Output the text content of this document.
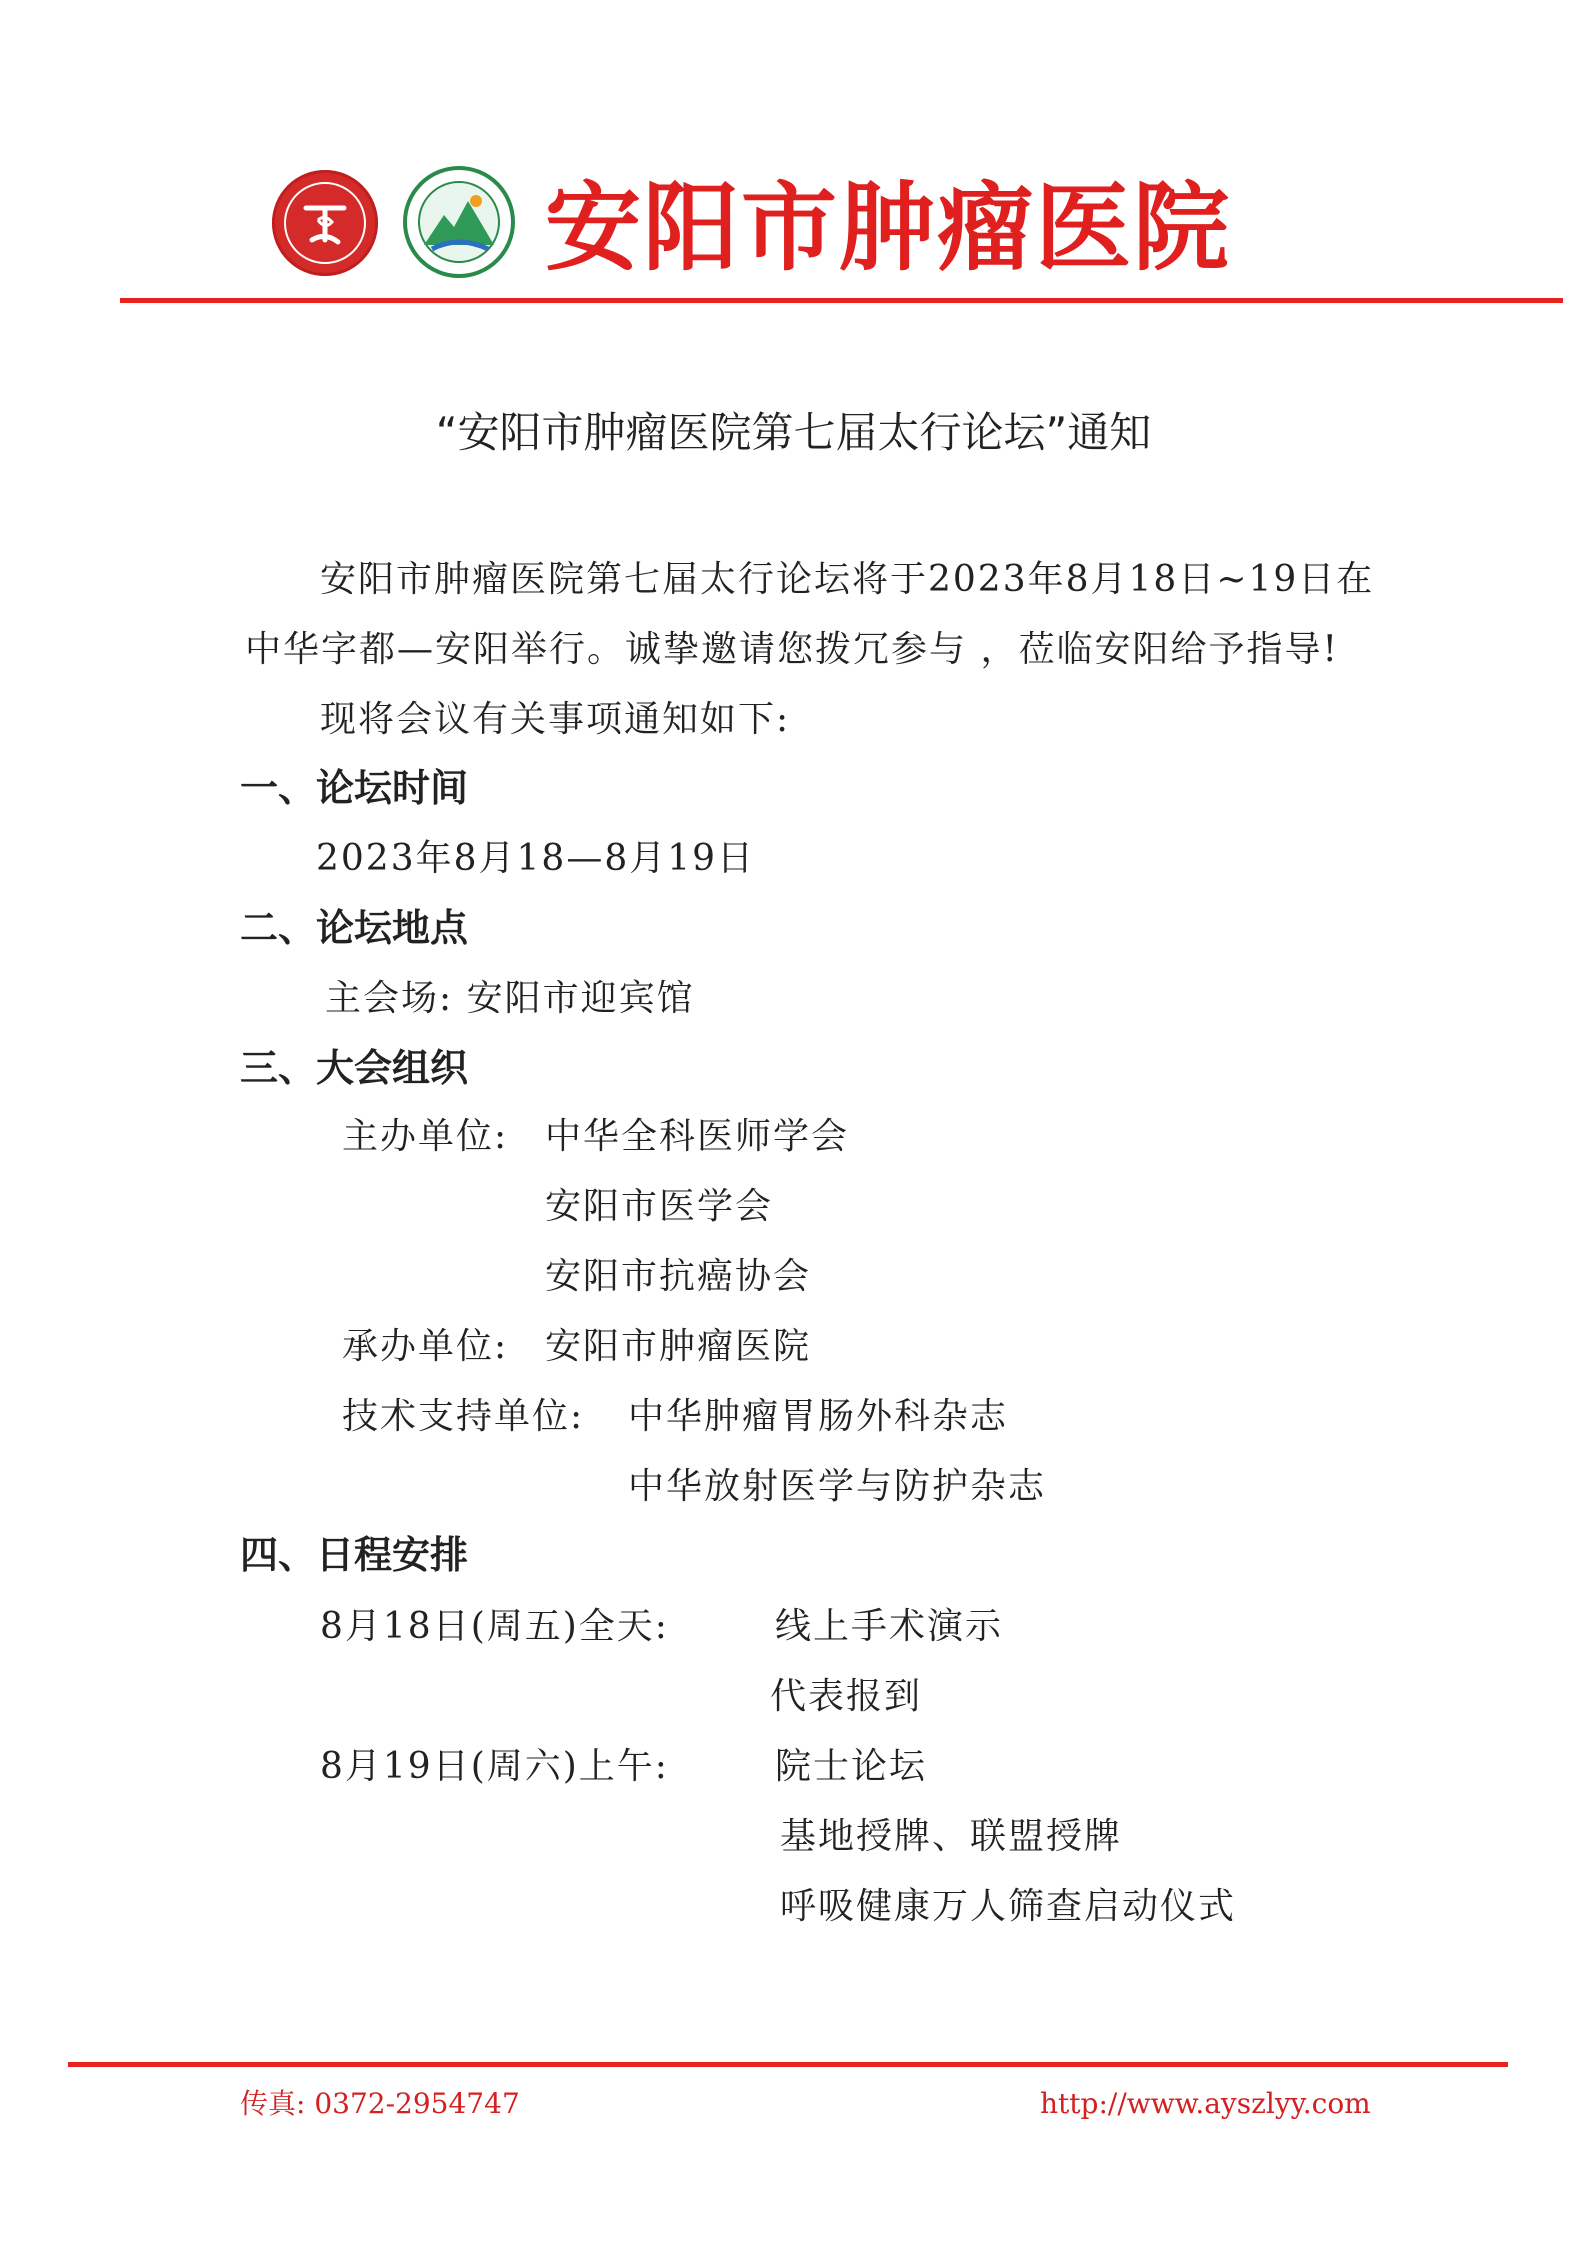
安阳市肿瘤医院
“安阳市肿瘤医院第七届太行论坛”通知
安阳市肿瘤医院第七届太行论坛将于2023年8月18日~19日在
中华字都—安阳举行。诚挚邀请您拨冗参与 ，莅临安阳给予指导!
现将会议有关事项通知如下:
一、论坛时间
2023年8月18—8月19日
二、论坛地点
主会场: 安阳市迎宾馆
三、大会组织
主办单位: 中华全科医师学会
安阳市医学会
安阳市抗癌协会
承办单位: 安阳市肿瘤医院
技术支持单位: 中华肿瘤胃肠外科杂志
中华放射医学与防护杂志
四、日程安排
8月18日(周五)全天:	线上手术演示
代表报到
8月19日(周六)上午:	院士论坛
基地授牌、联盟授牌
呼吸健康万人筛查启动仪式
传真: 0372-2954747	http://www.ayszlyy.com
